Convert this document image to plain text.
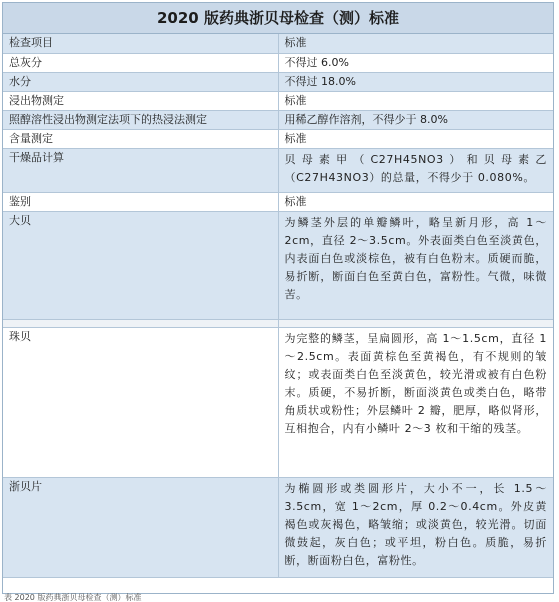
2020 版药典浙贝母检查（测）标准
检查项目	标准
总灰分	不得过 6.0%
水分	不得过 18.0%
浸出物测定	标准
照醇溶性浸出物测定法项下的热浸法测定	用稀乙醇作溶剂，不得少于 8.0%
含量测定	标准
干燥品计算	贝母素甲（C27H45NO3）和贝母素乙（C27H43NO3）的总量，不得少于 0.080%。
鉴别	标准
大贝	为鳞茎外层的单瓣鳞叶，略呈新月形，高 1～2cm，直径 2～3.5cm。外表面类白色至淡黄色，内表面白色或淡棕色，被有白色粉末。质硬而脆，易折断，断面白色至黄白色，富粉性。气微，味微苦。

珠贝	为完整的鳞茎，呈扁圆形，高 1～1.5cm，直径 1～2.5cm。表面黄棕色至黄褐色，有不规则的皱纹；或表面类白色至淡黄色，较光滑或被有白色粉末。质硬，不易折断，断面淡黄色或类白色，略带角质状或粉性；外层鳞叶 2 瓣，肥厚，略似肾形，互相抱合，内有小鳞叶 2～3 枚和干缩的残茎。
浙贝片	为椭圆形或类圆形片，大小不一，长 1.5～3.5cm，宽 1～2cm，厚 0.2～0.4cm。外皮黄褐色或灰褐色，略皱缩；或淡黄色，较光滑。切面微鼓起，灰白色；或平坦，粉白色。质脆，易折断，断面粉白色，富粉性。
表 2020 版药典浙贝母检查（测）标准
